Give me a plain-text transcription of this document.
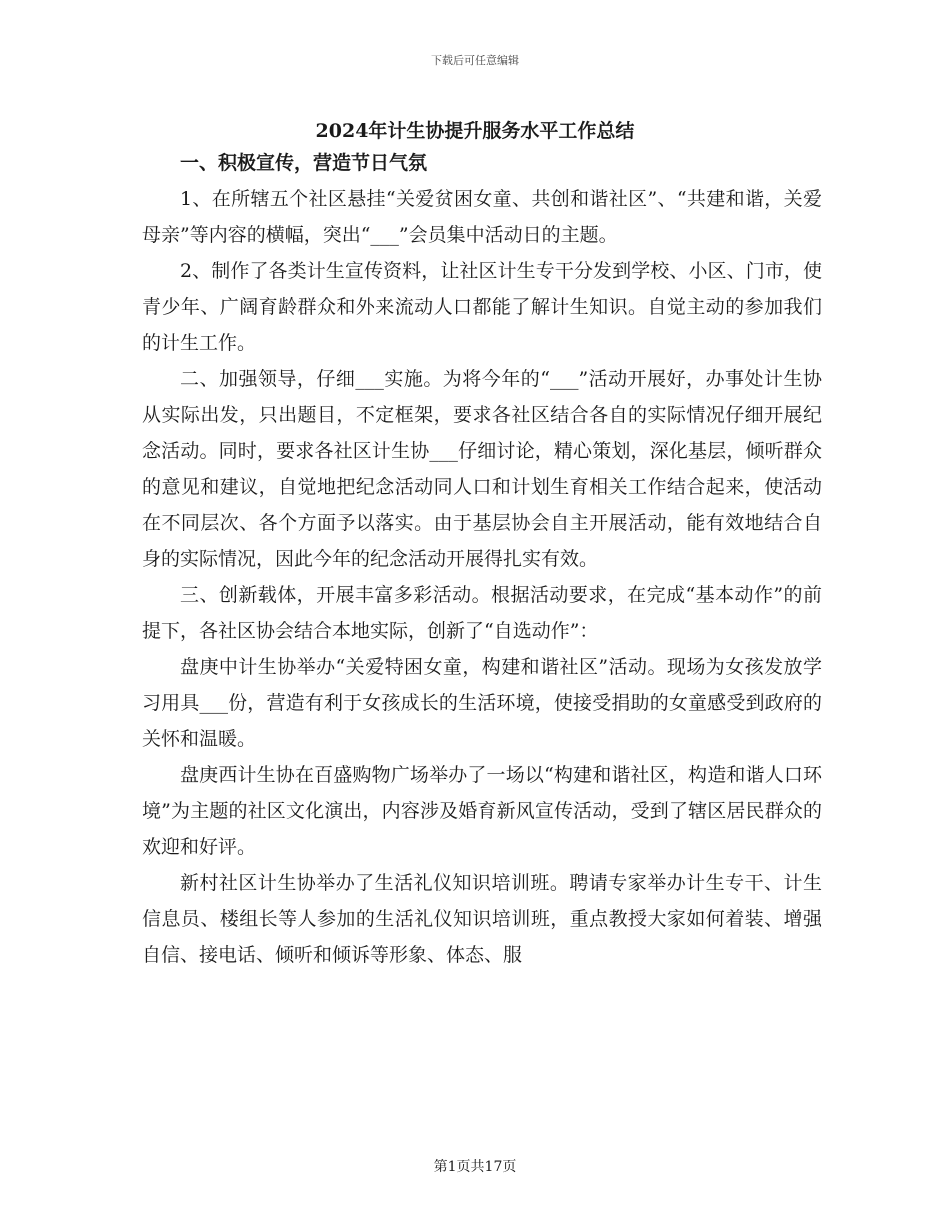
下载后可任意编辑
2024年计生协提升服务水平工作总结
一、积极宣传，营造节日气氛

1、在所辖五个社区悬挂“关爱贫困女童、共创和谐社区”、“共建和谐，关爱母亲”等内容的横幅，突出“___”会员集中活动日的主题。

2、制作了各类计生宣传资料，让社区计生专干分发到学校、小区、门市，使青少年、广阔育龄群众和外来流动人口都能了解计生知识。自觉主动的参加我们的计生工作。

二、加强领导，仔细___实施。为将今年的“___”活动开展好，办事处计生协从实际出发，只出题目，不定框架，要求各社区结合各自的实际情况仔细开展纪念活动。同时，要求各社区计生协___仔细讨论，精心策划，深化基层，倾听群众的意见和建议，自觉地把纪念活动同人口和计划生育相关工作结合起来，使活动在不同层次、各个方面予以落实。由于基层协会自主开展活动，能有效地结合自身的实际情况，因此今年的纪念活动开展得扎实有效。

三、创新载体，开展丰富多彩活动。根据活动要求，在完成“基本动作”的前提下，各社区协会结合本地实际，创新了“自选动作”：

盘庚中计生协举办“关爱特困女童，构建和谐社区”活动。现场为女孩发放学习用具___份，营造有利于女孩成长的生活环境，使接受捐助的女童感受到政府的关怀和温暖。

盘庚西计生协在百盛购物广场举办了一场以“构建和谐社区，构造和谐人口环境”为主题的社区文化演出，内容涉及婚育新风宣传活动，受到了辖区居民群众的欢迎和好评。

新村社区计生协举办了生活礼仪知识培训班。聘请专家举办计生专干、计生信息员、楼组长等人参加的生活礼仪知识培训班，重点教授大家如何着装、增强自信、接电话、倾听和倾诉等形象、体态、服

第1页共17页
